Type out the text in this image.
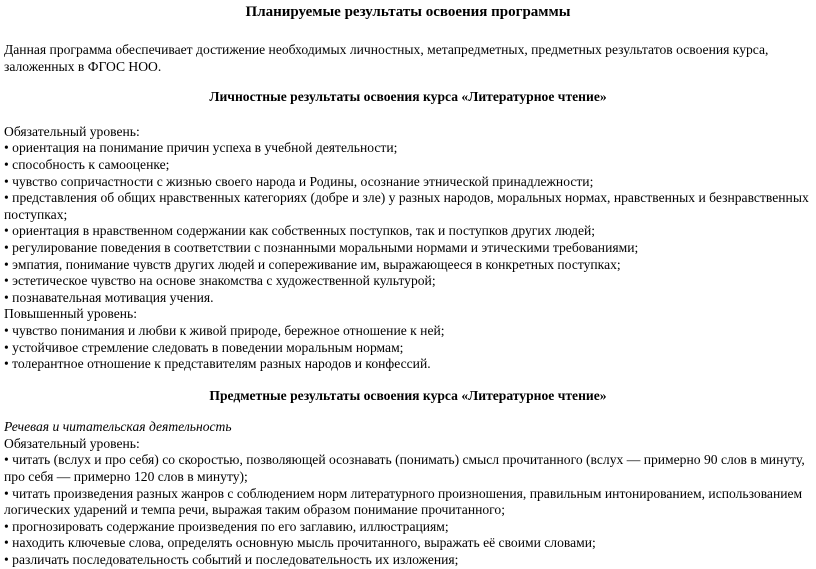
Планируемые результаты освоения программы

Данная программа обеспечивает достижение необходимых личностных, метапредметных, предметных результатов освоения курса, заложенных в ФГОС НОО.

Личностные результаты освоения курса «Литературное чтение»

Обязательный уровень:

• ориентация на понимание причин успеха в учебной деятельности;
• способность к самооценке;
• чувство сопричастности с жизнью своего народа и Родины, осознание этнической принадлежности;
• представления об общих нравственных категориях (добре и зле) у разных народов, моральных нормах, нравственных и безнравственных поступках;
• ориентация в нравственном содержании как собственных поступков, так и поступков других людей;
• регулирование поведения в соответствии с познанными моральными нормами и этическими требованиями;
• эмпатия, понимание чувств других людей и сопереживание им, выражающееся в конкретных поступках;
• эстетическое чувство на основе знакомства с художественной культурой;
• познавательная мотивация учения.

Повышенный уровень:

• чувство понимания и любви к живой природе, бережное отношение к ней;
• устойчивое стремление следовать в поведении моральным нормам;
• толерантное отношение к представителям разных народов и конфессий.
Предметные результаты освоения курса «Литературное чтение»

Речевая и читательская деятельность

Обязательный уровень:

• читать (вслух и про себя) со скоростью, позволяющей осознавать (понимать) смысл прочитанного (вслух — примерно 90 слов в минуту, про себя — примерно 120 слов в минуту);
• читать произведения разных жанров с соблюдением норм литературного произношения, правильным интонированием, использованием логических ударений и темпа речи, выражая таким образом понимание прочитанного;
• прогнозировать содержание произведения по его заглавию, иллюстрациям;
• находить ключевые слова, определять основную мысль прочитанного, выражать её своими словами;
• различать последовательность событий и последовательность их изложения;
